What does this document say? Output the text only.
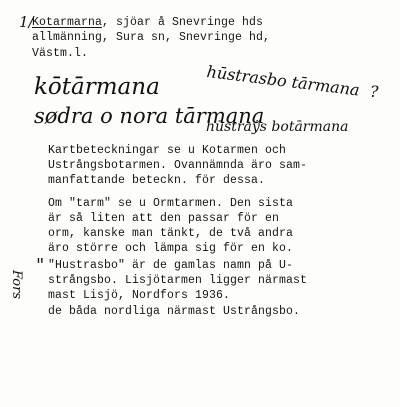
1/
Kotarmarna, sjöar å Snevringe hds
allmänning, Sura sn, Snevringe hd,
Västm.l.
kōtārmana	hūstrasbo tārmana ?
sødra o nora tārmana
hūstraẏs botārmana
Kartbeteckningar se u Kotarmen och
Ustrångsbotarmen. Ovannämnda äro sam-
manfattande beteckn. för dessa.
Om "tarm" se u Ormtarmen. Den sista
är så liten att den passar för en
orm, kanske man tänkt, de två andra
äro större och lämpa sig för en ko.
" "Hustrasbo" är de gamlas namn på U-
strångsbo. Lisjötarmen ligger närmast
mast Lisjö, Nordfors 1936.
de båda nordliga närmast Ustrångsbo.
Fors
